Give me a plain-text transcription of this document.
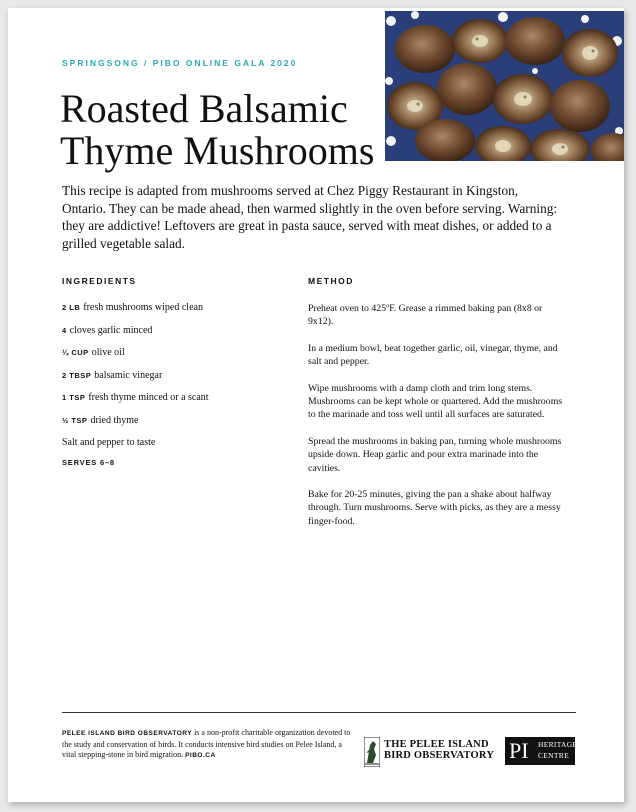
SPRINGSONG / PIBO ONLINE GALA 2020
Roasted Balsamic
Thyme Mushrooms

This recipe is adapted from mushrooms served at Chez Piggy Restaurant in Kingston, Ontario. They can be made ahead, then warmed slightly in the oven before serving. Warning: they are addictive! Leftovers are great in pasta sauce, served with meat dishes, or added to a grilled vegetable salad.

INGREDIENTS
2 LB fresh mushrooms wiped clean
4 cloves garlic minced
¼ CUP olive oil
2 TBSP balsamic vinegar
1 TSP fresh thyme minced or a scant
½ TSP dried thyme
Salt and pepper to taste
SERVES 6–8
METHOD

Preheat oven to 425ºF. Grease a rimmed baking pan (8x8 or 9x12).

In a medium bowl, beat together garlic, oil, vinegar, thyme, and salt and pepper.

Wipe mushrooms with a damp cloth and trim long stems. Mushrooms can be kept whole or quartered. Add the mushrooms to the marinade and toss well until all surfaces are saturated.

Spread the mushrooms in baking pan, turning whole mushrooms upside down. Heap garlic and pour extra marinade into the cavities.

Bake for 20-25 minutes, giving the pan a shake about halfway through. Turn mushrooms. Serve with picks, as they are a messy finger-food.

PELEE ISLAND BIRD OBSERVATORY is a non-profit charitable organization devoted to the study and conservation of birds. It conducts intensive bird studies on Pelee Island, a vital stepping-stone in bird migration. PIBO.CA
THE PELEE ISLAND
BIRD OBSERVATORY PI HERITAGE
CENTRE
